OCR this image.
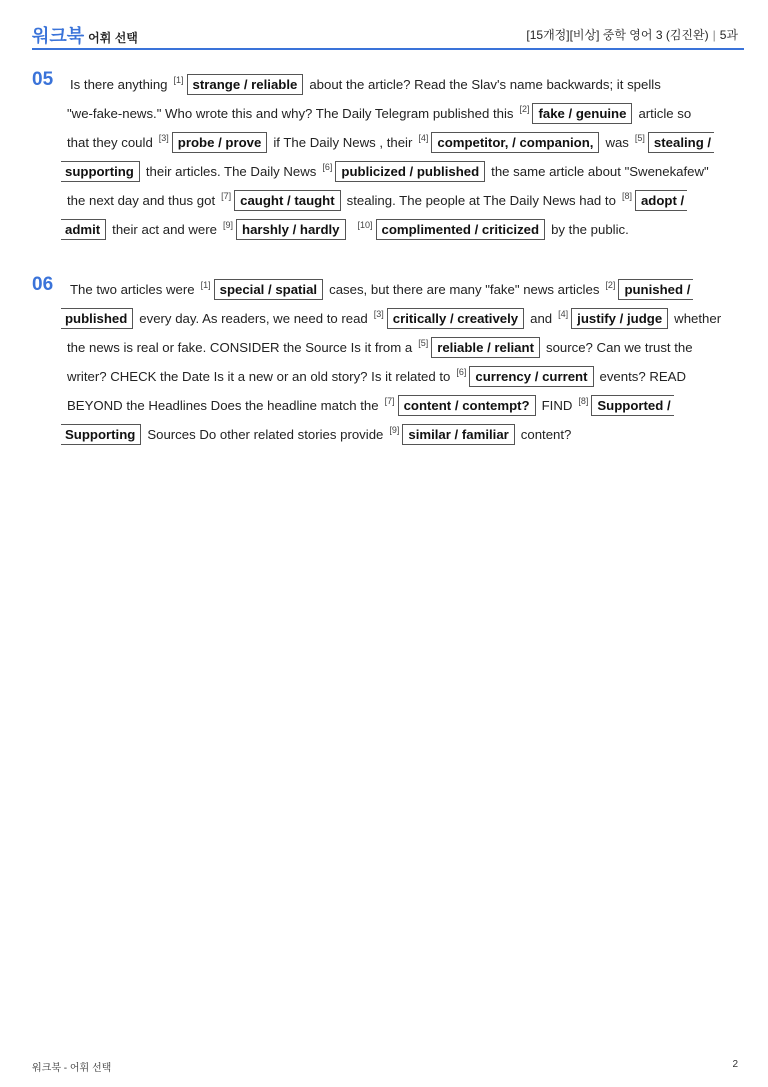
워크북 어휘 선택	[15개정][비상] 중학 영어 3 (김진완) | 5과
05 Is there anything [1] strange / reliable about the article? Read the Slav's name backwards; it spells
"we-fake-news." Who wrote this and why? The Daily Telegram published this [2] fake / genuine article so
that they could [3] probe / prove if The Daily News , their [4] competitor, / companion, was [5] stealing /
supporting their articles. The Daily News [6] publicized / published the same article about "Swenekafew"
the next day and thus got [7] caught / taught stealing. The people at The Daily News had to [8] adopt /
admit their act and were [9] harshly / hardly [10] complimented / criticized by the public.
06 The two articles were [1] special / spatial cases, but there are many "fake" news articles [2] punished /
published every day. As readers, we need to read [3] critically / creatively and [4] justify / judge whether
the news is real or fake. CONSIDER the Source Is it from a [5] reliable / reliant source? Can we trust the
writer? CHECK the Date Is it a new or an old story? Is it related to [6] currency / current events? READ
BEYOND the Headlines Does the headline match the [7] content / contempt? FIND [8] Supported /
Supporting Sources Do other related stories provide [9] similar / familiar content?
워크북 - 어휘 선택	2
